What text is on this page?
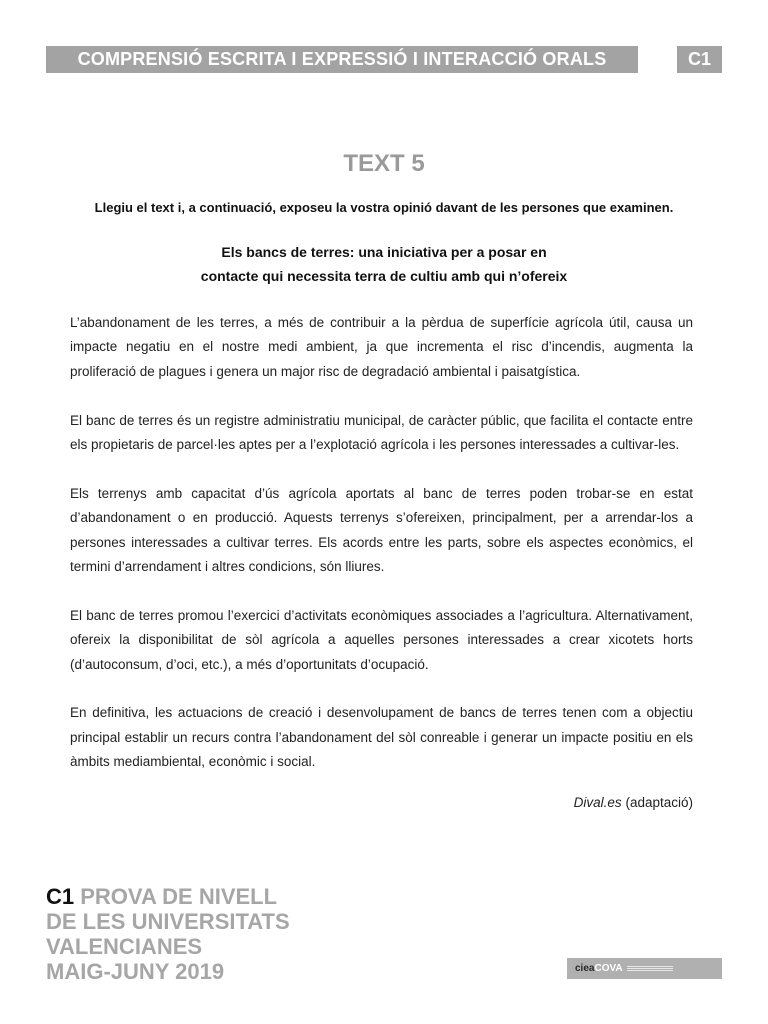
COMPRENSIÓ ESCRITA I EXPRESSIÓ I INTERACCIÓ ORALS	C1
TEXT 5
Llegiu el text i, a continuació, exposeu la vostra opinió davant de les persones que examinen.
Els bancs de terres: una iniciativa per a posar en
contacte qui necessita terra de cultiu amb qui n’ofereix

L’abandonament de les terres, a més de contribuir a la pèrdua de superfície agrícola útil, causa un impacte negatiu en el nostre medi ambient, ja que incrementa el risc d’incendis, augmenta la proliferació de plagues i genera un major risc de degradació ambiental i paisatgística.

El banc de terres és un registre administratiu municipal, de caràcter públic, que facilita el contacte entre els propietaris de parcel·les aptes per a l’explotació agrícola i les persones interessades a cultivar-les.

Els terrenys amb capacitat d’ús agrícola aportats al banc de terres poden trobar-se en estat d’abandonament o en producció. Aquests terrenys s’ofereixen, principalment, per a arrendar-los a persones interessades a cultivar terres. Els acords entre les parts, sobre els aspectes econòmics, el termini d’arrendament i altres condicions, són lliures.

El banc de terres promou l’exercici d’activitats econòmiques associades a l’agricultura. Alternativament, ofereix la disponibilitat de sòl agrícola a aquelles persones interessades a crear xicotets horts (d’autoconsum, d’oci, etc.), a més d’oportunitats d’ocupació.

En definitiva, les actuacions de creació i desenvolupament de bancs de terres tenen com a objectiu principal establir un recurs contra l’abandonament del sòl conreable i generar un impacte positiu en els àmbits mediambiental, econòmic i social.

Dival.es (adaptació)
C1 PROVA DE NIVELL
DE LES UNIVERSITATS
VALENCIANES
MAIG-JUNY 2019	ciea COVA
